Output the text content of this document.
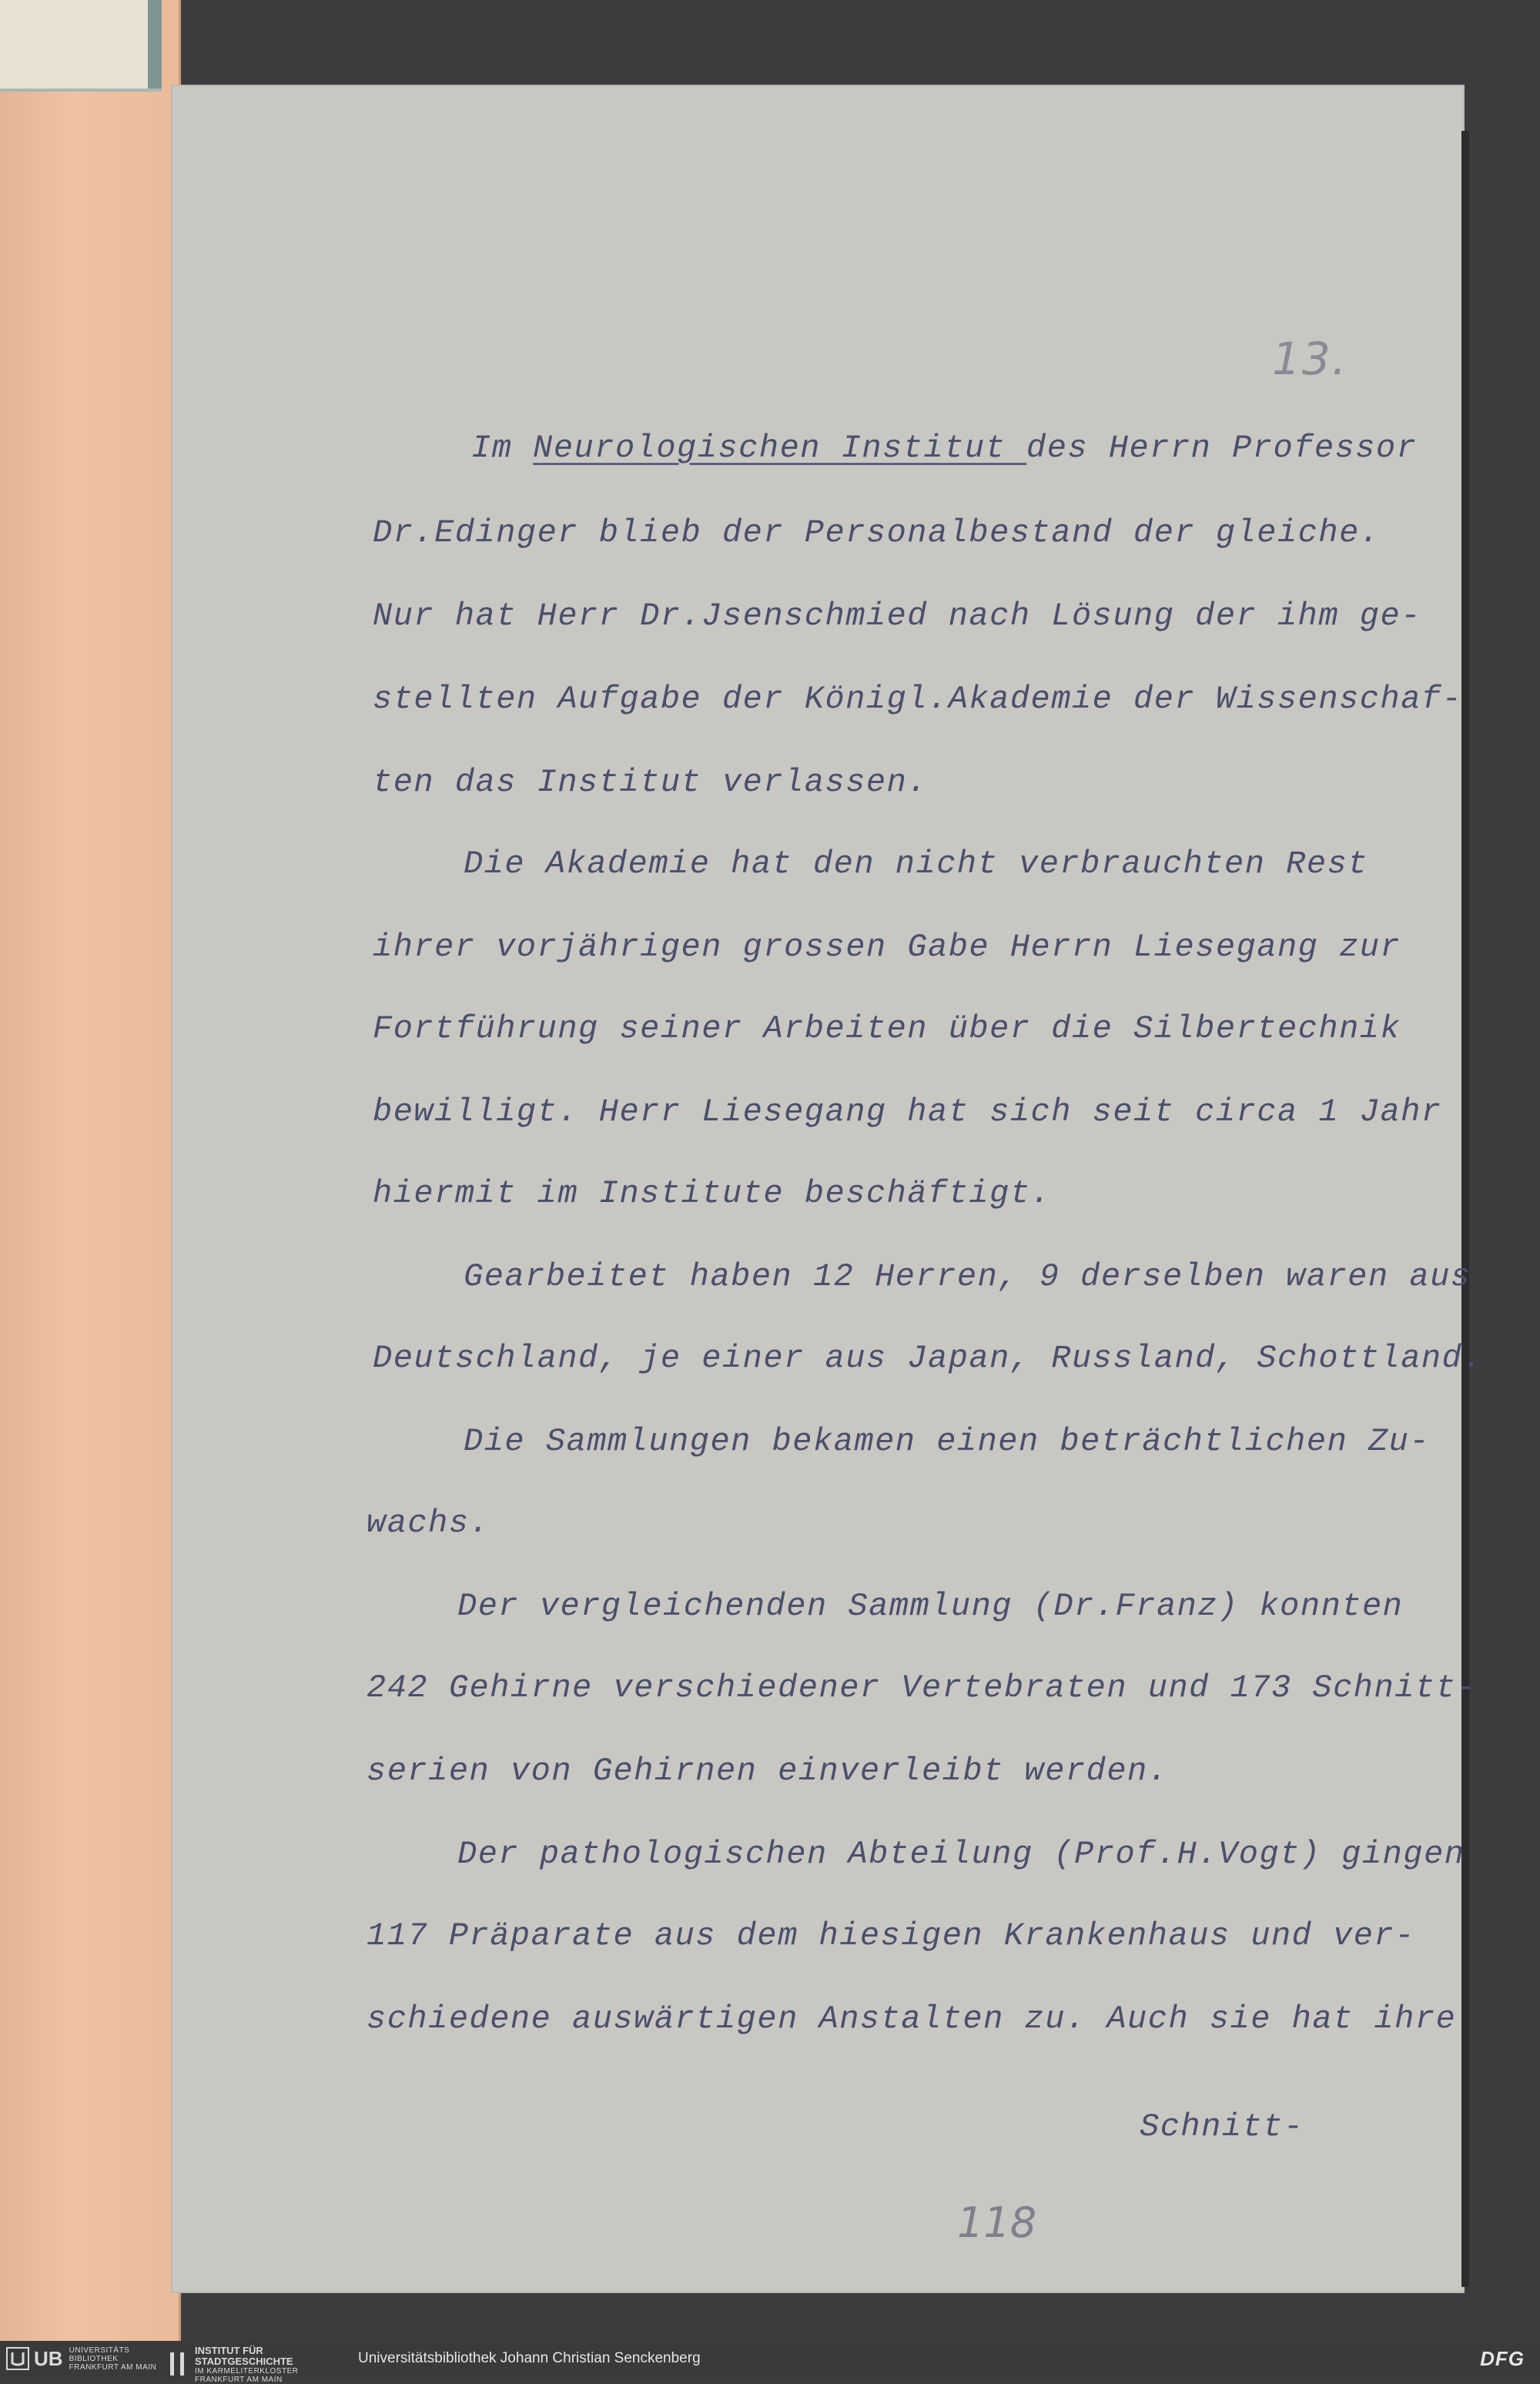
13.
Im Neurologischen Institut des Herrn Professor
Dr.Edinger blieb der Personalbestand der gleiche.
Nur hat Herr Dr.Jsenschmied nach Lösung der ihm ge-
stellten Aufgabe der Königl.Akademie der Wissenschaf-
ten das Institut verlassen.
Die Akademie hat den nicht verbrauchten Rest
ihrer vorjährigen grossen Gabe Herrn Liesegang zur
Fortführung seiner Arbeiten über die Silbertechnik
bewilligt. Herr Liesegang hat sich seit circa 1 Jahr
hiermit im Institute beschäftigt.
Gearbeitet haben 12 Herren, 9 derselben waren aus
Deutschland, je einer aus Japan, Russland, Schottland.
Die Sammlungen bekamen einen beträchtlichen Zu-
wachs.
Der vergleichenden Sammlung (Dr.Franz) konnten
242 Gehirne verschiedener Vertebraten und 173 Schnitt-
serien von Gehirnen einverleibt werden.
Der pathologischen Abteilung (Prof.H.Vogt) gingen
117 Präparate aus dem hiesigen Krankenhaus und ver-
schiedene auswärtigen Anstalten zu. Auch sie hat ihre
Schnitt-
118
UB UNIVERSITÄTS
BIBLIOTHEK
FRANKFURT AM MAIN
INSTITUT FÜR
STADTGESCHICHTE
IM KARMELITERKLOSTER
FRANKFURT AM MAIN
Universitätsbibliothek Johann Christian Senckenberg	DFG
